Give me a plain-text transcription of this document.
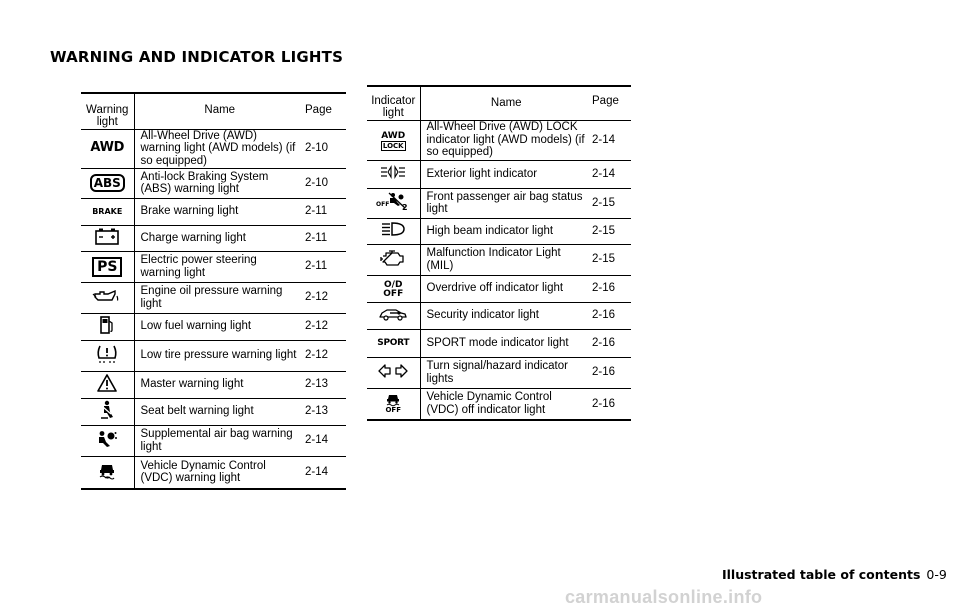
WARNING AND INDICATOR LIGHTS
Warning light	Name	Page
AWD	All-Wheel Drive (AWD) warning light (AWD models) (if so equipped)	2-10
ABS	Anti-lock Braking System (ABS) warning light	2-10
BRAKE	Brake warning light	2-11

	Charge warning light	2-11
PS	Electric power steering warning light	2-11

	Engine oil pressure warning light	2-12

	Low fuel warning light	2-12

	Low tire pressure warning light	2-12

	Master warning light	2-13

	Seat belt warning light	2-13

	Supplemental air bag warning light	2-14

	Vehicle Dynamic Control (VDC) warning light	2-14
Indicator light	Name	Page

AWD
LOCK	All-Wheel Drive (AWD) LOCK indicator light (AWD models) (if so equipped)	2-14

	Exterior light indicator	2-14

OFF 2	Front passenger air bag status light	2-15

	High beam indicator light	2-15

	Malfunction Indicator Light (MIL)	2-15

O/D
OFF	Overdrive off indicator light	2-16

	Security indicator light	2-16
SPORT	SPORT mode indicator light	2-16

	Turn signal/hazard indicator lights	2-16

OFF	Vehicle Dynamic Control (VDC) off indicator light	2-16
Illustrated table of contents 0-9
carmanualsonline.info
